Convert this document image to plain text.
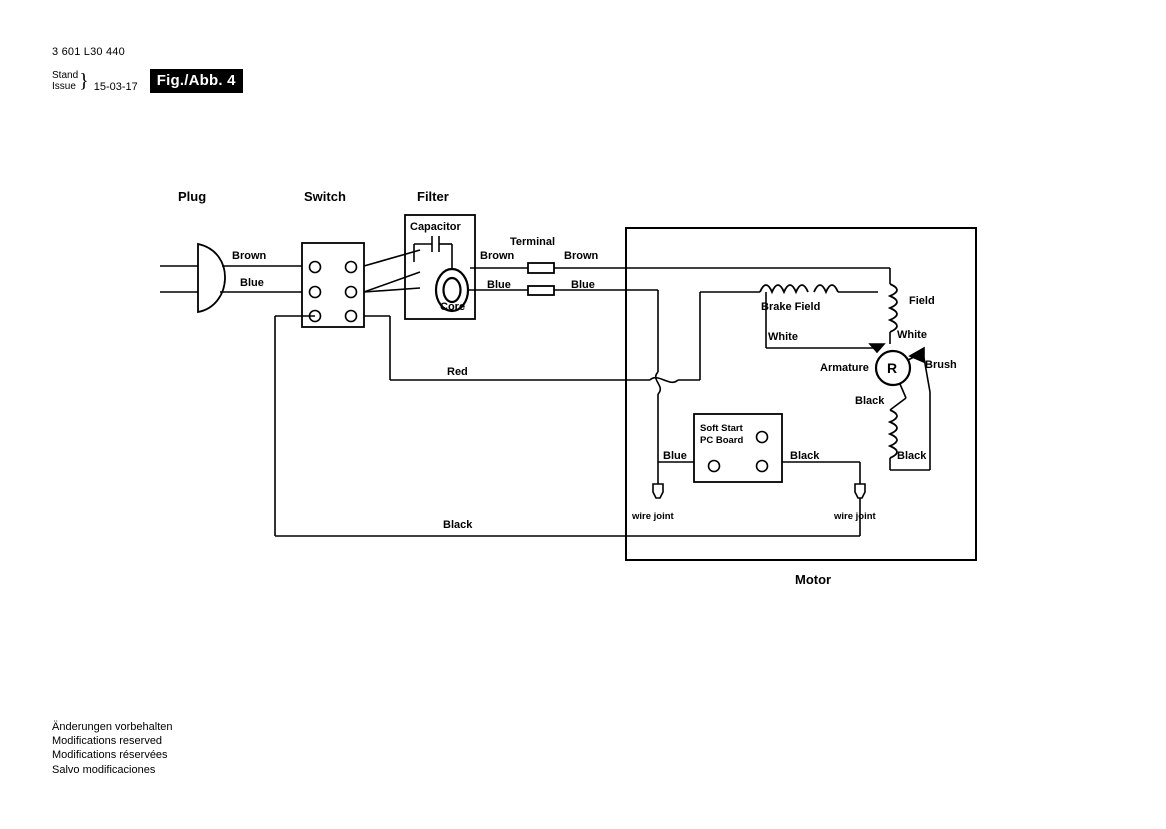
3 601 L30 440
Stand
Issue } 15-03-17	Fig./Abb. 4
Plug	Switch	Filter
Motor
Capacitor
Core
Terminal
Brown
Blue
Brown
Blue
Brown
Blue
Red
Black
Brake Field	Field
White	White
Armature	Brush
Black
Black
Blue	Black
Soft Start
PC Board
wire joint	wire joint
R
Änderungen vorbehalten
Modifications reserved
Modifications réservées
Salvo modificaciones
